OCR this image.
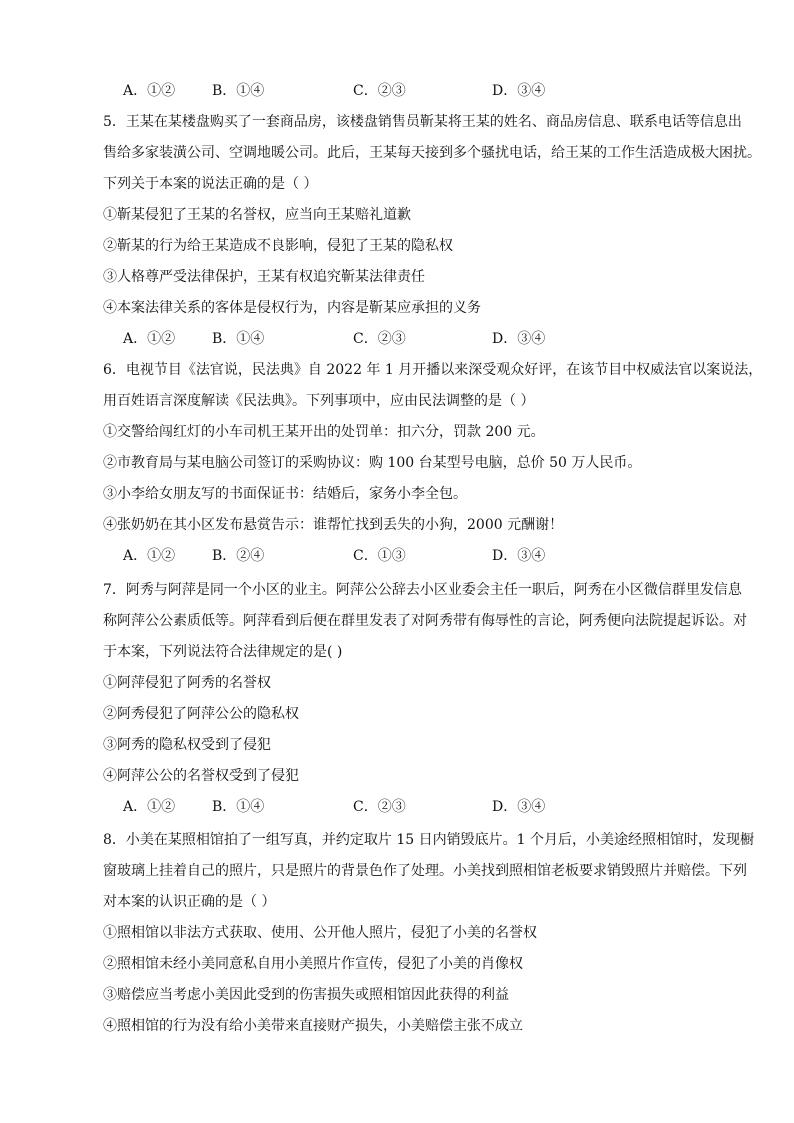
A．①②	B．①④	C．②③	D．③④
5．王某在某楼盘购买了一套商品房，该楼盘销售员靳某将王某的姓名、商品房信息、联系电话等信息出
售给多家装潢公司、空调地暖公司。此后，王某每天接到多个骚扰电话，给王某的工作生活造成极大困扰。
下列关于本案的说法正确的是（ ）
①靳某侵犯了王某的名誉权，应当向王某赔礼道歉
②靳某的行为给王某造成不良影响，侵犯了王某的隐私权
③人格尊严受法律保护，王某有权追究靳某法律责任
④本案法律关系的客体是侵权行为，内容是靳某应承担的义务
A．①②	B．①④	C．②③	D．③④
6．电视节目《法官说，民法典》自 2022 年 1 月开播以来深受观众好评，在该节目中权威法官以案说法，
用百姓语言深度解读《民法典》。下列事项中，应由民法调整的是（ ）
①交警给闯红灯的小车司机王某开出的处罚单：扣六分，罚款 200 元。
②市教育局与某电脑公司签订的采购协议：购 100 台某型号电脑，总价 50 万人民币。
③小李给女朋友写的书面保证书：结婚后，家务小李全包。
④张奶奶在其小区发布悬赏告示：谁帮忙找到丢失的小狗，2000 元酬谢！
A．①②	B．②④	C．①③	D．③④
7．阿秀与阿萍是同一个小区的业主。阿萍公公辞去小区业委会主任一职后，阿秀在小区微信群里发信息
称阿萍公公素质低等。阿萍看到后便在群里发表了对阿秀带有侮辱性的言论，阿秀便向法院提起诉讼。对
于本案，下列说法符合法律规定的是( )
①阿萍侵犯了阿秀的名誉权
②阿秀侵犯了阿萍公公的隐私权
③阿秀的隐私权受到了侵犯
④阿萍公公的名誉权受到了侵犯
A．①②	B．①④	C．②③	D．③④
8．小美在某照相馆拍了一组写真，并约定取片 15 日内销毁底片。1 个月后，小美途经照相馆时，发现橱
窗玻璃上挂着自己的照片，只是照片的背景色作了处理。小美找到照相馆老板要求销毁照片并赔偿。下列
对本案的认识正确的是（ ）
①照相馆以非法方式获取、使用、公开他人照片，侵犯了小美的名誉权
②照相馆未经小美同意私自用小美照片作宣传，侵犯了小美的肖像权
③赔偿应当考虑小美因此受到的伤害损失或照相馆因此获得的利益
④照相馆的行为没有给小美带来直接财产损失，小美赔偿主张不成立
